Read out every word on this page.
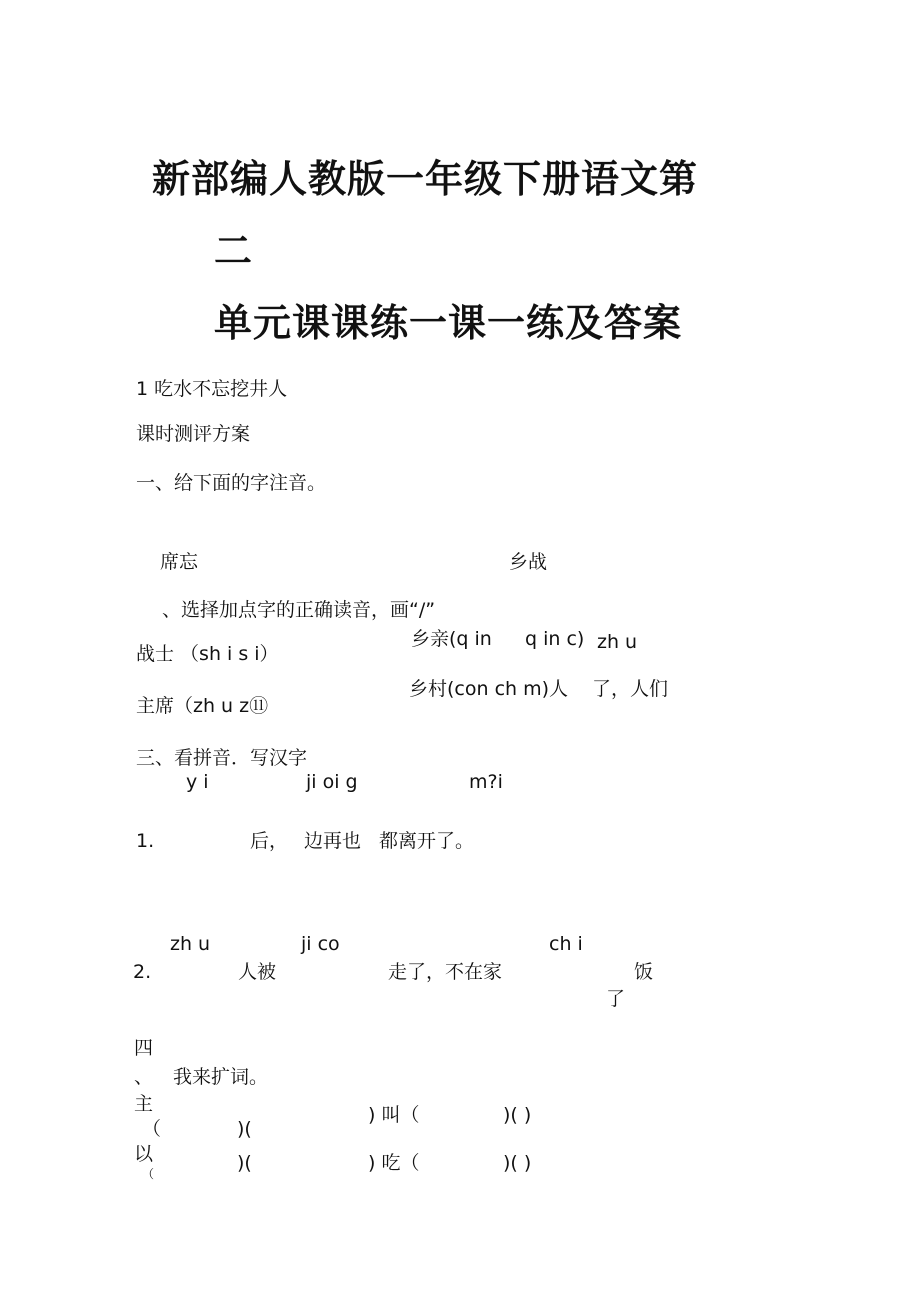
新部编人教版一年级下册语文第
二
单元课课练一课一练及答案
1 吃水不忘挖井人
课时测评方案
一、给下面的字注音。
席忘	乡战
、选择加点字的正确读音，画“/”
战士 （sh i s i）
乡亲(q in q in c) zh u
主席（zh u z⑪
乡村(con ch m)人 了，人们
三、看拼音．写汉字
y i	ji oi g	m?i
1.	后， 边再也 都离开了。
zh u	ji co	ch i
2.	人被	走了，不在家	饭
了
四
、 我来扩词。
主
（	)(
) 叫（	)( )
以
（	)(	) 吃（	)( )
